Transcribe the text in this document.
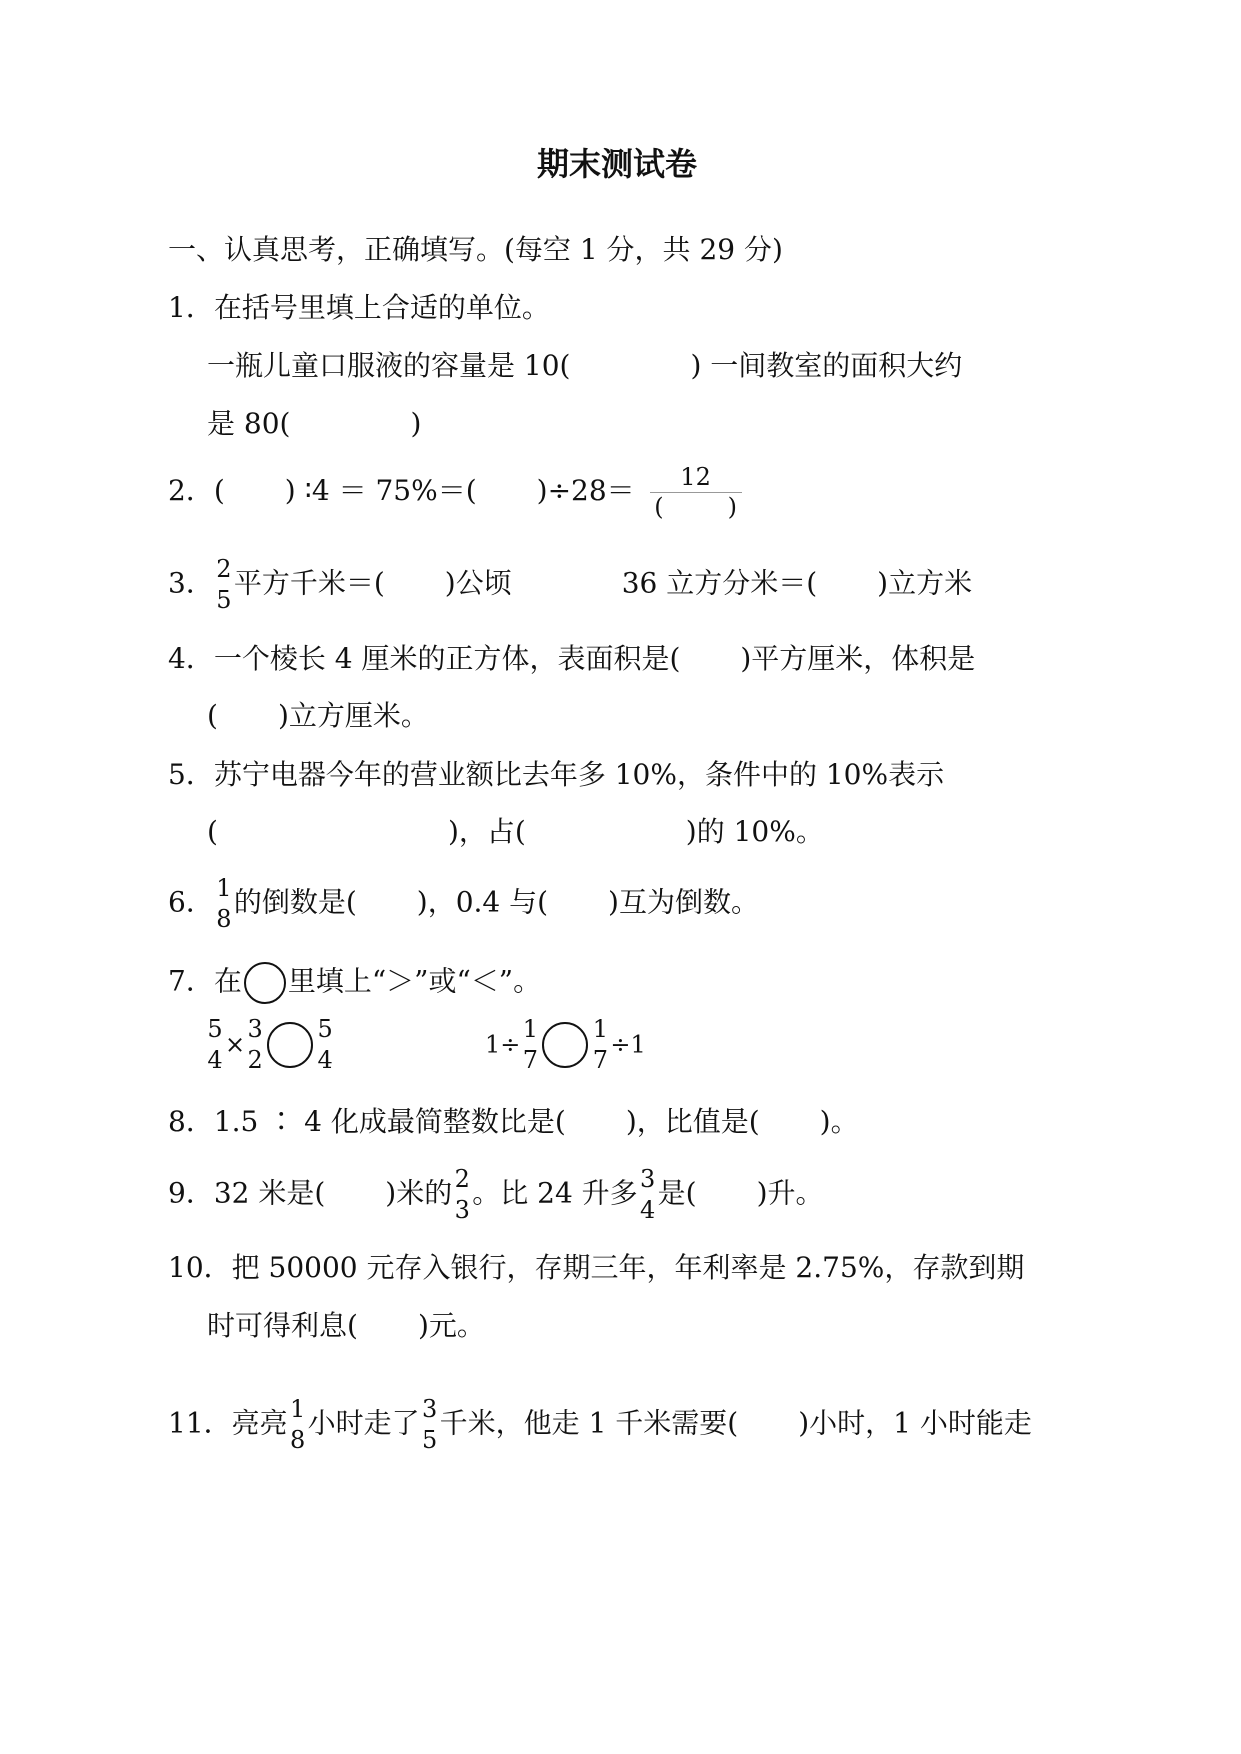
期末测试卷
一、认真思考，正确填写。(每空 1 分，共 29 分)
1．在括号里填上合适的单位。
一瓶儿童口服液的容量是 10(	) 一间教室的面积大约
是 80(	)
2．( ) ∶4 ＝ 75%＝( )÷28＝ 12
(	)
3． 2
5
平方千米＝( )公顷	36 立方分米＝( )立方米
4．一个棱长 4 厘米的正方体，表面积是( )平方厘米，体积是
( )立方厘米。
5．苏宁电器今年的营业额比去年多 10%，条件中的 10%表示
(	)，占(	)的 10%。
6． 1
8
的倒数是( )，0.4 与( )互为倒数。
7．在 里填上“＞”或“＜”。
5
4
×
3
2
5
4
1÷
1
7
1
7
÷1
8．1.5 ∶ 4 化成最简整数比是( )，比值是( )。
9．32 米是( )米的 2
3
。比 24 升多 3
4
是( )升。
10．把 50000 元存入银行，存期三年，年利率是 2.75%，存款到期
时可得利息( )元。
11．亮亮 1
8
小时走了 3
5
千米，他走 1 千米需要( )小时，1 小时能走
